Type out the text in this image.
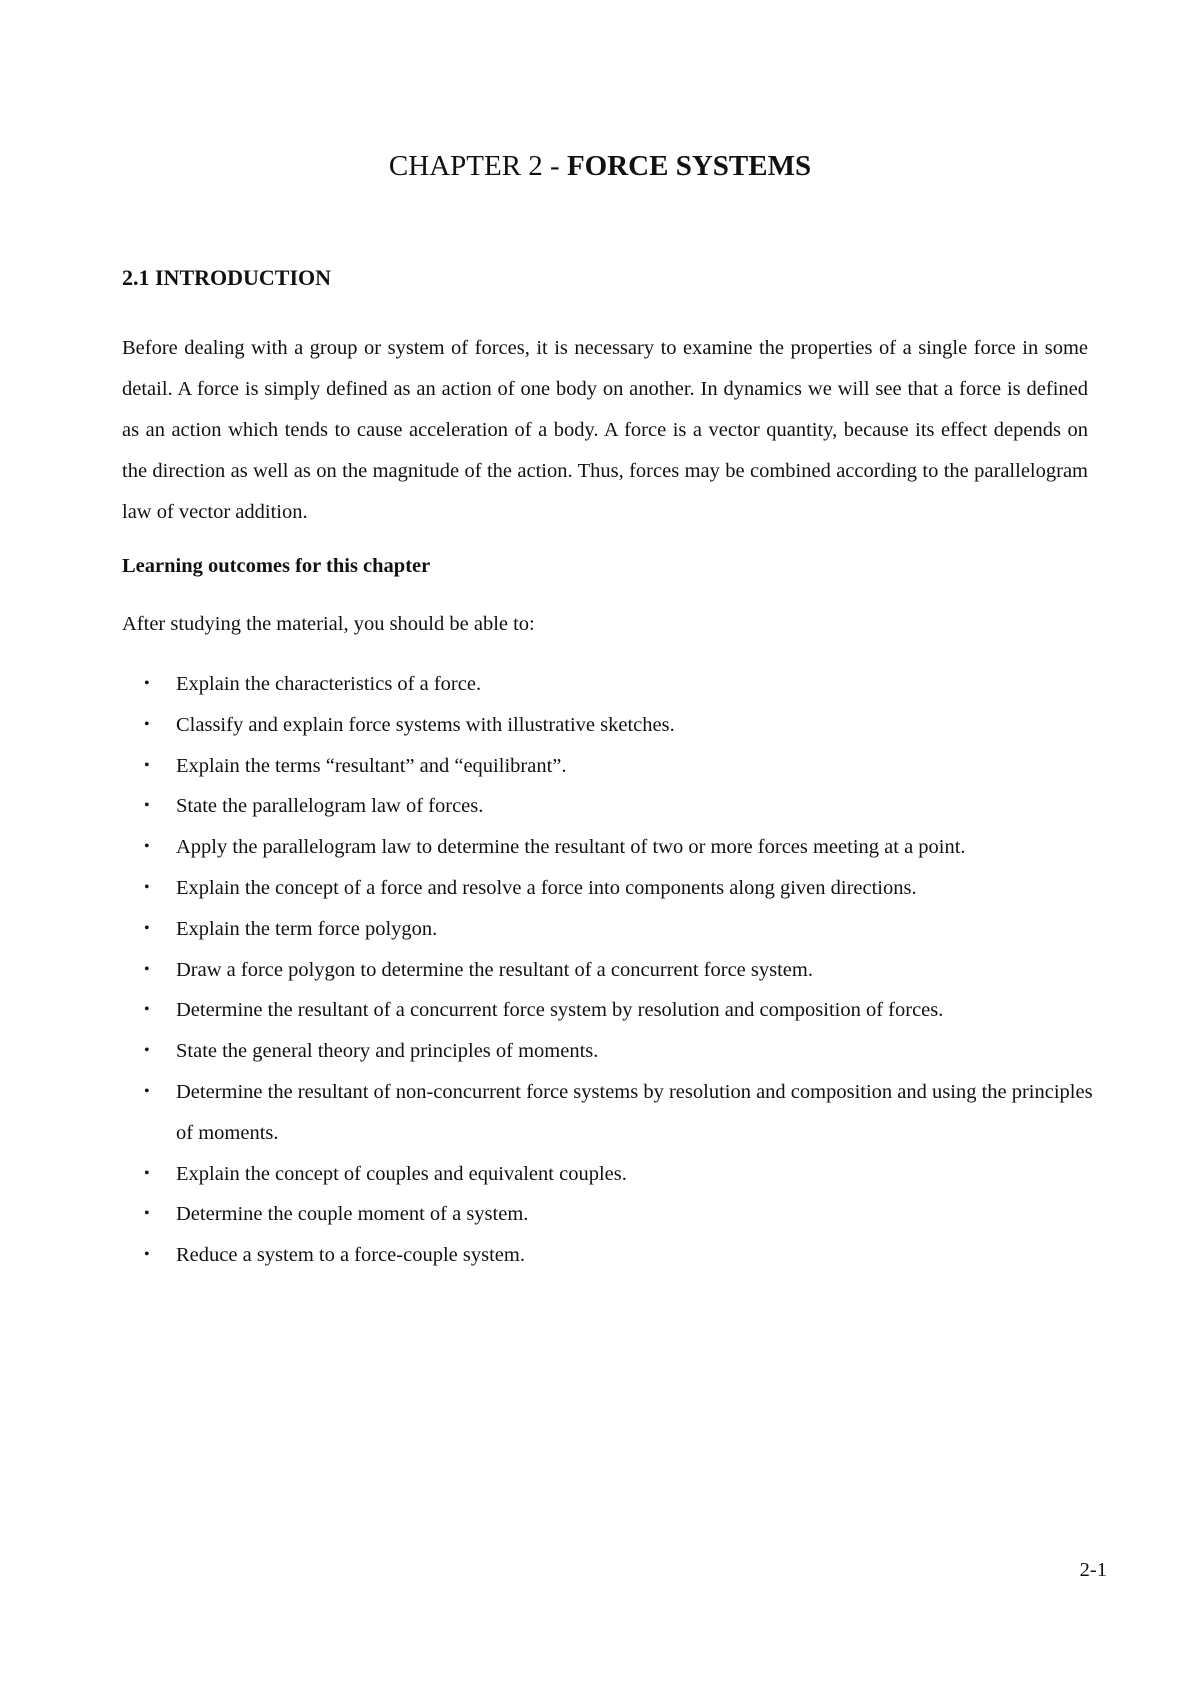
CHAPTER 2 - FORCE SYSTEMS
2.1 INTRODUCTION

Before dealing with a group or system of forces, it is necessary to examine the properties of a single force in some detail. A force is simply defined as an action of one body on another. In dynamics we will see that a force is defined as an action which tends to cause acceleration of a body. A force is a vector quantity, because its effect depends on the direction as well as on the magnitude of the action. Thus, forces may be combined according to the parallelogram law of vector addition.

Learning outcomes for this chapter

After studying the material, you should be able to:

• Explain the characteristics of a force.
• Classify and explain force systems with illustrative sketches.
• Explain the terms “resultant” and “equilibrant”.
• State the parallelogram law of forces.
• Apply the parallelogram law to determine the resultant of two or more forces meeting at a point.
• Explain the concept of a force and resolve a force into components along given directions.
• Explain the term force polygon.
• Draw a force polygon to determine the resultant of a concurrent force system.
• Determine the resultant of a concurrent force system by resolution and composition of forces.
• State the general theory and principles of moments.
• Determine the resultant of non-concurrent force systems by resolution and composition and using the principles of moments.
• Explain the concept of couples and equivalent couples.
• Determine the couple moment of a system.
• Reduce a system to a force-couple system.

2-1
